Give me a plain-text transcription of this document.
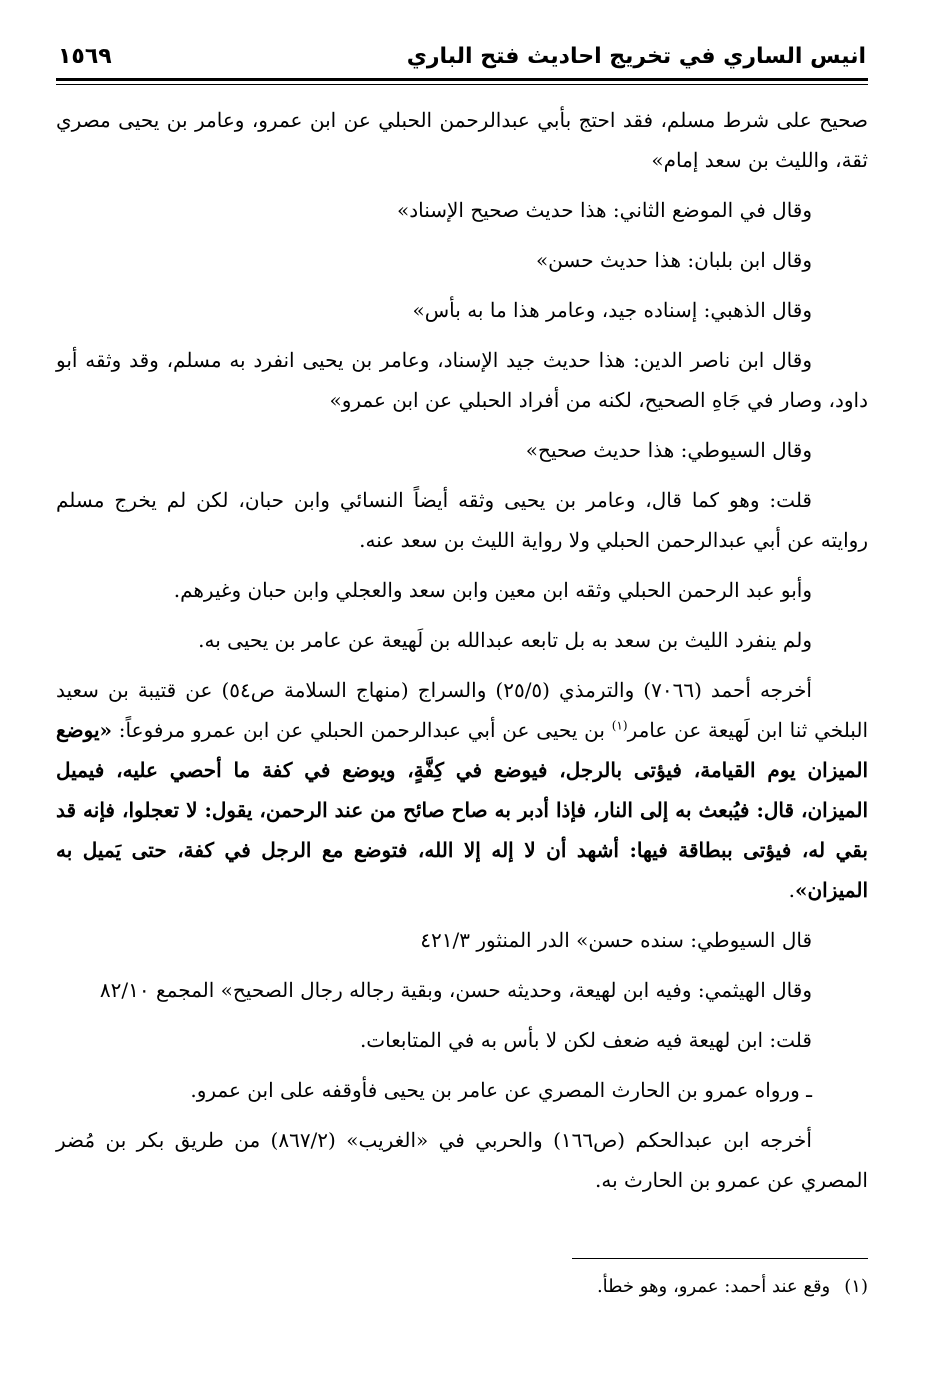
انيس الساري في تخريج احاديث فتح الباري
١٥٦٩

صحيح على شرط مسلم، فقد احتج بأبي عبدالرحمن الحبلي عن ابن عمرو، وعامر بن يحيى مصري ثقة، والليث بن سعد إمام»

وقال في الموضع الثاني: هذا حديث صحيح الإسناد»

وقال ابن بلبان: هذا حديث حسن»

وقال الذهبي: إسناده جيد، وعامر هذا ما به بأس»

وقال ابن ناصر الدين: هذا حديث جيد الإسناد، وعامر بن يحيى انفرد به مسلم، وقد وثقه أبو داود، وصار في جَاهِ الصحيح، لكنه من أفراد الحبلي عن ابن عمرو»

وقال السيوطي: هذا حديث صحيح»

قلت: وهو كما قال، وعامر بن يحيى وثقه أيضاً النسائي وابن حبان، لكن لم يخرج مسلم روايته عن أبي عبدالرحمن الحبلي ولا رواية الليث بن سعد عنه.

وأبو عبد الرحمن الحبلي وثقه ابن معين وابن سعد والعجلي وابن حبان وغيرهم.

ولم ينفرد الليث بن سعد به بل تابعه عبدالله بن لَهيعة عن عامر بن يحيى به.

أخرجه أحمد (٧٠٦٦) والترمذي (٢٥/٥) والسراج (منهاج السلامة ص٥٤) عن قتيبة بن سعيد البلخي ثنا ابن لَهيعة عن عامر$^{(١)}$ بن يحيى عن أبي عبدالرحمن الحبلي عن ابن عمرو مرفوعاً: «يوضع الميزان يوم القيامة، فيؤتى بالرجل، فيوضع في كِفَّةٍ، ويوضع في كفة ما أحصي عليه، فيميل الميزان، قال: فيُبعث به إلى النار، فإذا أدبر به صاح صائح من عند الرحمن، يقول: لا تعجلوا، فإنه قد بقي له، فيؤتى ببطاقة فيها: أشهد أن لا إله إلا الله، فتوضع مع الرجل في كفة، حتى يَميل به الميزان».

قال السيوطي: سنده حسن» الدر المنثور ٤٢١/٣

وقال الهيثمي: وفيه ابن لهيعة، وحديثه حسن، وبقية رجاله رجال الصحيح» المجمع ٨٢/١٠

قلت: ابن لهيعة فيه ضعف لكن لا بأس به في المتابعات.

ـ ورواه عمرو بن الحارث المصري عن عامر بن يحيى فأوقفه على ابن عمرو.

أخرجه ابن عبدالحكم (ص١٦٦) والحربي في «الغريب» (٨٦٧/٢) من طريق بكر بن مُضر المصري عن عمرو بن الحارث به.

(١)وقع عند أحمد: عمرو، وهو خطأ.
